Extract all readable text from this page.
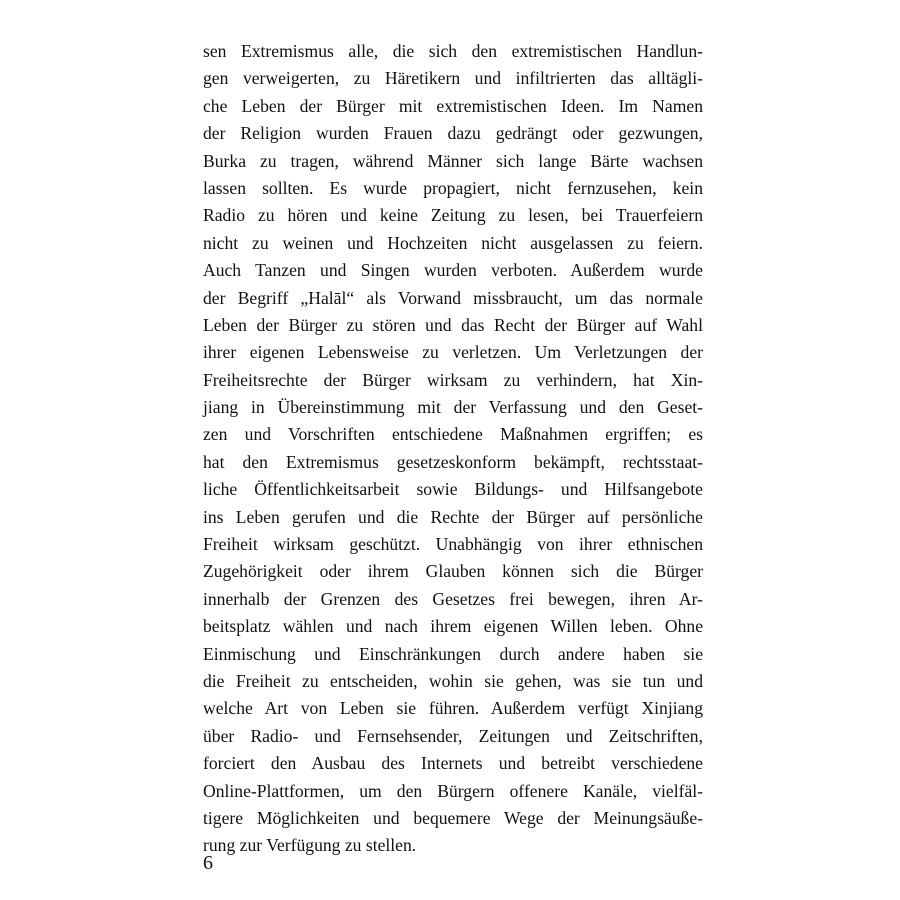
sen Extremismus alle, die sich den extremistischen Handlun-
gen verweigerten, zu Häretikern und infiltrierten das alltägli-
che Leben der Bürger mit extremistischen Ideen. Im Namen
der Religion wurden Frauen dazu gedrängt oder gezwungen,
Burka zu tragen, während Männer sich lange Bärte wachsen
lassen sollten. Es wurde propagiert, nicht fernzusehen, kein
Radio zu hören und keine Zeitung zu lesen, bei Trauerfeiern
nicht zu weinen und Hochzeiten nicht ausgelassen zu feiern.
Auch Tanzen und Singen wurden verboten. Außerdem wurde
der Begriff „Halāl“ als Vorwand missbraucht, um das normale
Leben der Bürger zu stören und das Recht der Bürger auf Wahl
ihrer eigenen Lebensweise zu verletzen. Um Verletzungen der
Freiheitsrechte der Bürger wirksam zu verhindern, hat Xin-
jiang in Übereinstimmung mit der Verfassung und den Geset-
zen und Vorschriften entschiedene Maßnahmen ergriffen; es
hat den Extremismus gesetzeskonform bekämpft, rechtsstaat-
liche Öffentlichkeitsarbeit sowie Bildungs- und Hilfsangebote
ins Leben gerufen und die Rechte der Bürger auf persönliche
Freiheit wirksam geschützt. Unabhängig von ihrer ethnischen
Zugehörigkeit oder ihrem Glauben können sich die Bürger
innerhalb der Grenzen des Gesetzes frei bewegen, ihren Ar-
beitsplatz wählen und nach ihrem eigenen Willen leben. Ohne
Einmischung und Einschränkungen durch andere haben sie
die Freiheit zu entscheiden, wohin sie gehen, was sie tun und
welche Art von Leben sie führen. Außerdem verfügt Xinjiang
über Radio- und Fernsehsender, Zeitungen und Zeitschriften,
forciert den Ausbau des Internets und betreibt verschiedene
Online-Plattformen, um den Bürgern offenere Kanäle, vielfäl-
tigere Möglichkeiten und bequemere Wege der Meinungsäuße-
rung zur Verfügung zu stellen.
6
